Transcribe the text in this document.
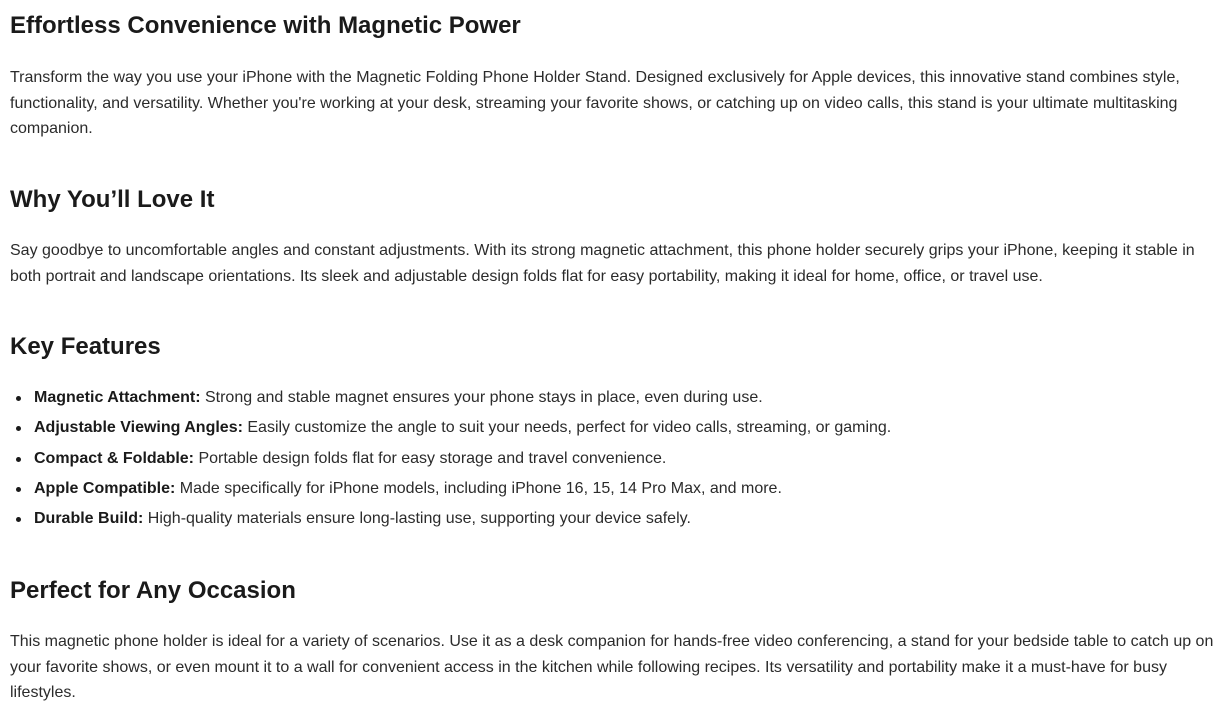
Effortless Convenience with Magnetic Power

Transform the way you use your iPhone with the Magnetic Folding Phone Holder Stand. Designed exclusively for Apple devices, this innovative stand combines style, functionality, and versatility. Whether you're working at your desk, streaming your favorite shows, or catching up on video calls, this stand is your ultimate multitasking companion.

Why You’ll Love It

Say goodbye to uncomfortable angles and constant adjustments. With its strong magnetic attachment, this phone holder securely grips your iPhone, keeping it stable in both portrait and landscape orientations. Its sleek and adjustable design folds flat for easy portability, making it ideal for home, office, or travel use.

Key Features
Magnetic Attachment: Strong and stable magnet ensures your phone stays in place, even during use.
Adjustable Viewing Angles: Easily customize the angle to suit your needs, perfect for video calls, streaming, or gaming.
Compact & Foldable: Portable design folds flat for easy storage and travel convenience.
Apple Compatible: Made specifically for iPhone models, including iPhone 16, 15, 14 Pro Max, and more.
Durable Build: High-quality materials ensure long-lasting use, supporting your device safely.
Perfect for Any Occasion

This magnetic phone holder is ideal for a variety of scenarios. Use it as a desk companion for hands-free video conferencing, a stand for your bedside table to catch up on your favorite shows, or even mount it to a wall for convenient access in the kitchen while following recipes. Its versatility and portability make it a must-have for busy lifestyles.
